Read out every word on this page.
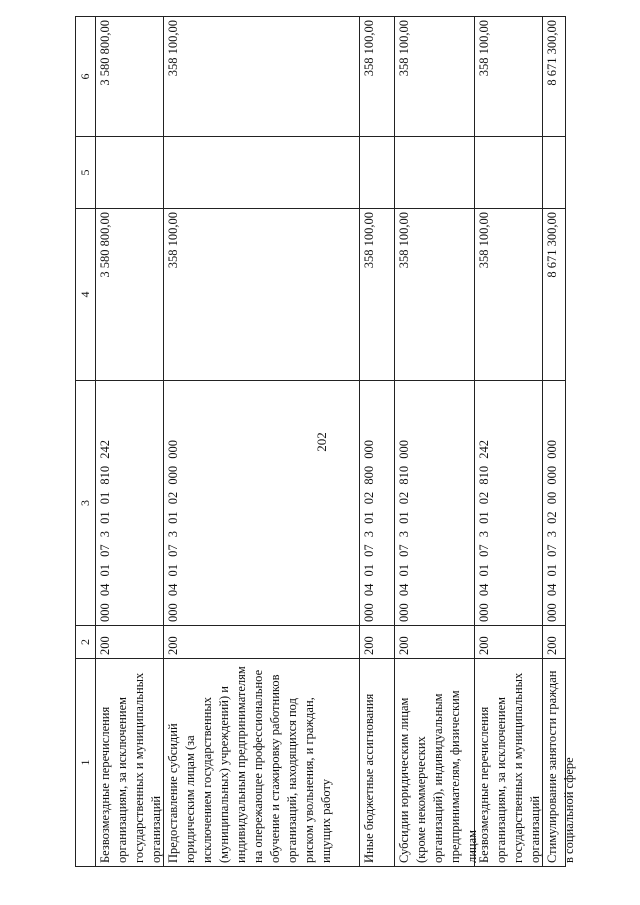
202
1
2
3
4
5
6
Безвозмездные перечисления организациям, за исключением государственных и муниципальных организаций
200
000 04 01 07 3 01 01 810 242
3 580 800,00
3 580 800,00
Предоставление субсидий юридическим лицам (за исключением государственных (муниципальных) учреждений) и индивидуальным предпринимателям на опережающее профессиональное обучение и стажировку работников организаций, находящихся под риском увольнения, и граждан, ищущих работу
200
000 04 01 07 3 01 02 000 000
358 100,00
358 100,00
Иные бюджетные ассигнования
200
000 04 01 07 3 01 02 800 000
358 100,00
358 100,00
Субсидии юридическим лицам (кроме некоммерческих организаций), индивидуальным предпринимателям, физическим лицам
200
000 04 01 07 3 01 02 810 000
358 100,00
358 100,00
Безвозмездные перечисления организациям, за исключением государственных и муниципальных организаций
200
000 04 01 07 3 01 02 810 242
358 100,00
358 100,00
Стимулирование занятости граждан в социальной сфере
200
000 04 01 07 3 02 00 000 000
8 671 300,00
8 671 300,00
